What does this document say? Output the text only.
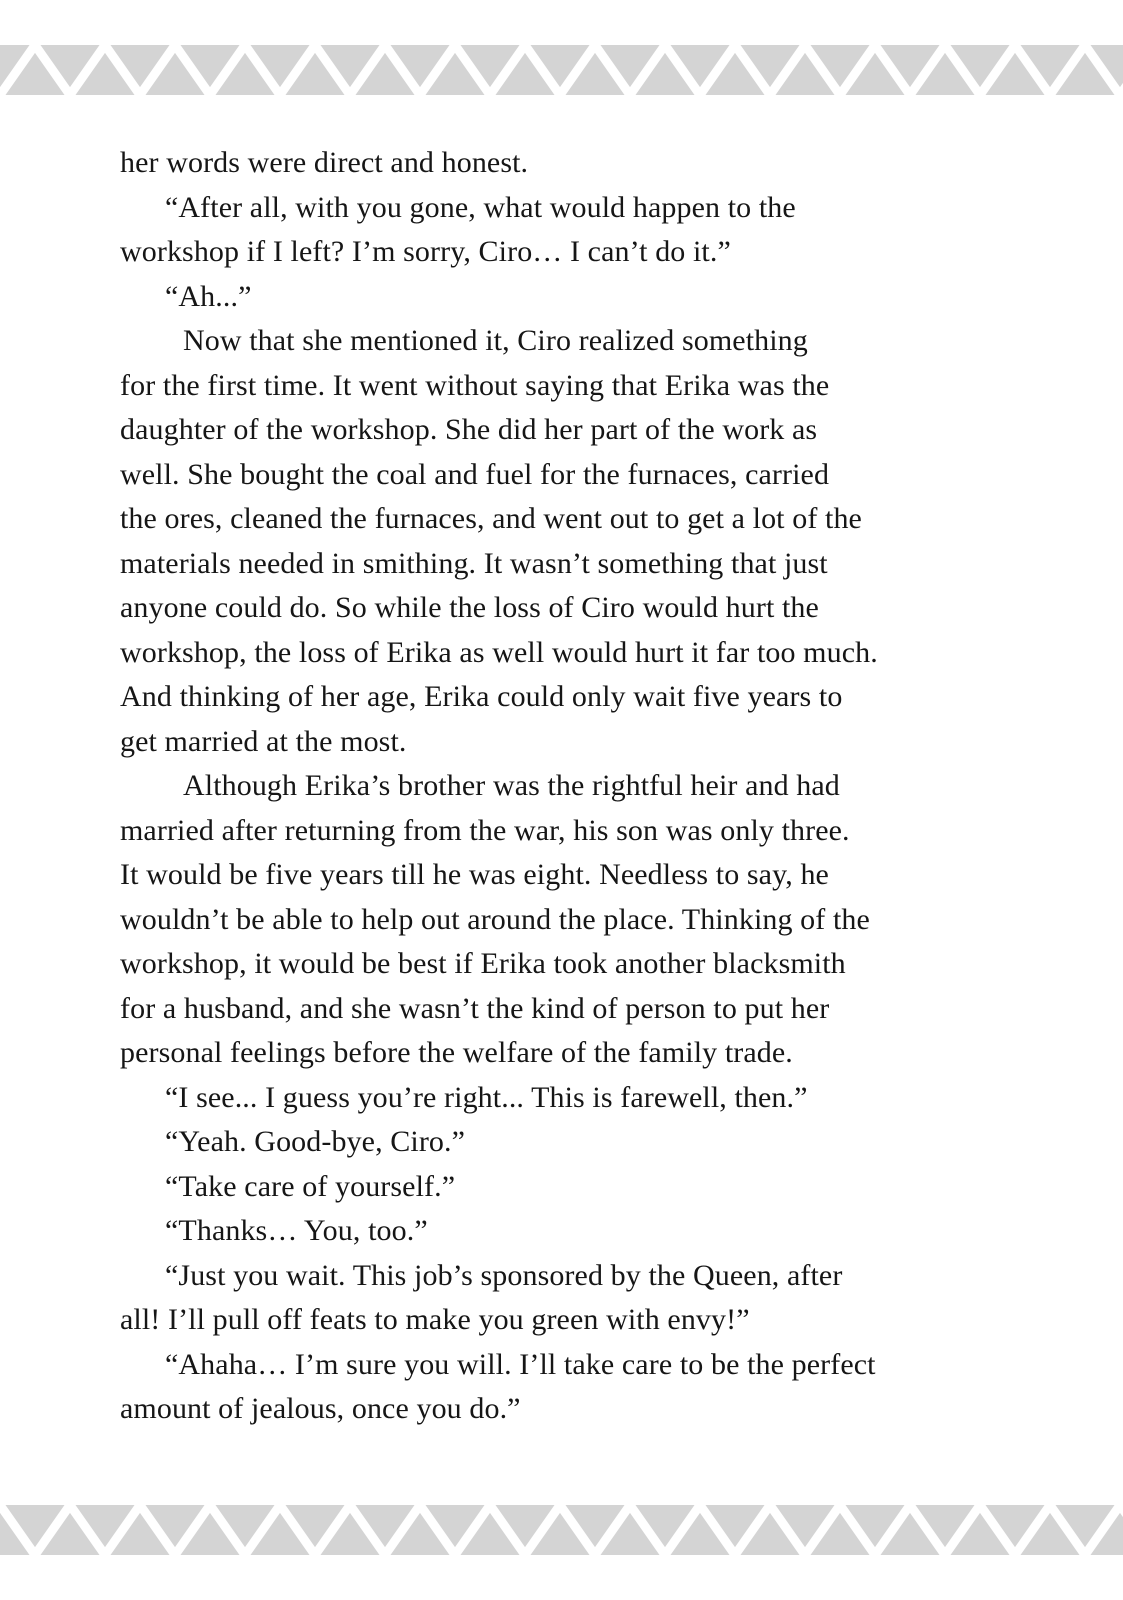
her words were direct and honest.
“After all, with you gone, what would happen to the
workshop if I left? I’m sorry, Ciro… I can’t do it.”
“Ah...”
Now that she mentioned it, Ciro realized something
for the first time. It went without saying that Erika was the
daughter of the workshop. She did her part of the work as
well. She bought the coal and fuel for the furnaces, carried
the ores, cleaned the furnaces, and went out to get a lot of the
materials needed in smithing. It wasn’t something that just
anyone could do. So while the loss of Ciro would hurt the
workshop, the loss of Erika as well would hurt it far too much.
And thinking of her age, Erika could only wait five years to
get married at the most.
Although Erika’s brother was the rightful heir and had
married after returning from the war, his son was only three.
It would be five years till he was eight. Needless to say, he
wouldn’t be able to help out around the place. Thinking of the
workshop, it would be best if Erika took another blacksmith
for a husband, and she wasn’t the kind of person to put her
personal feelings before the welfare of the family trade.
“I see... I guess you’re right... This is farewell, then.”
“Yeah. Good-bye, Ciro.”
“Take care of yourself.”
“Thanks… You, too.”
“Just you wait. This job’s sponsored by the Queen, after
all! I’ll pull off feats to make you green with envy!”
“Ahaha… I’m sure you will. I’ll take care to be the perfect
amount of jealous, once you do.”
